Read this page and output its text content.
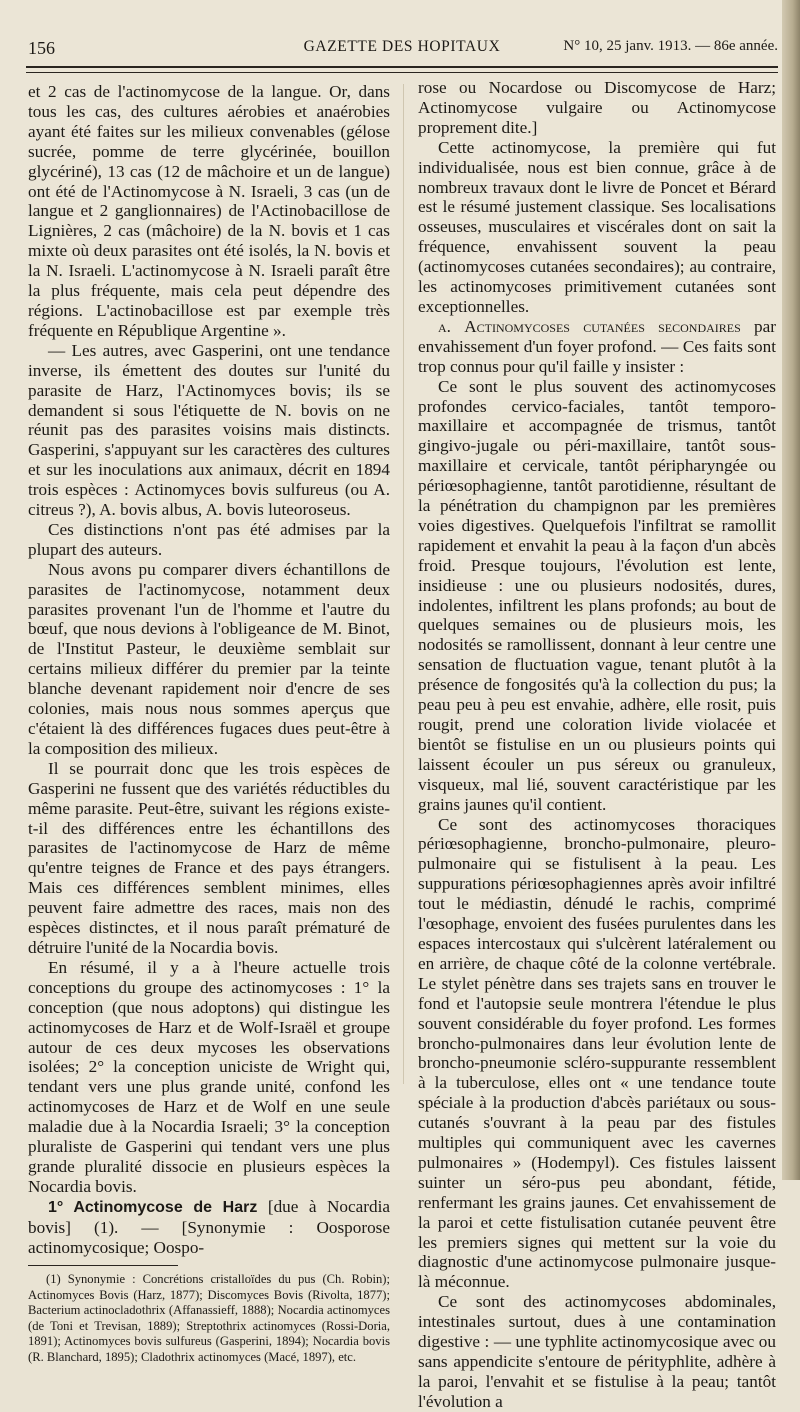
156	GAZETTE DES HOPITAUX	N° 10, 25 janv. 1913. — 86e année.

et 2 cas de l'actinomycose de la langue. Or, dans tous les cas, des cultures aérobies et anaérobies ayant été faites sur les milieux convenables (gélose sucrée, pomme de terre glycérinée, bouillon glycériné), 13 cas (12 de mâchoire et un de langue) ont été de l'Actinomycose à N. Israeli, 3 cas (un de langue et 2 ganglionnaires) de l'Actinobacillose de Lignières, 2 cas (mâchoire) de la N. bovis et 1 cas mixte où deux parasites ont été isolés, la N. bovis et la N. Israeli. L'actinomycose à N. Israeli paraît être la plus fréquente, mais cela peut dépendre des régions. L'actinobacillose est par exemple très fréquente en République Argentine ».

— Les autres, avec Gasperini, ont une tendance inverse, ils émettent des doutes sur l'unité du parasite de Harz, l'Actinomyces bovis; ils se demandent si sous l'étiquette de N. bovis on ne réunit pas des parasites voisins mais distincts. Gasperini, s'appuyant sur les caractères des cultures et sur les inoculations aux animaux, décrit en 1894 trois espèces : Actinomyces bovis sulfureus (ou A. citreus ?), A. bovis albus, A. bovis luteoroseus.

Ces distinctions n'ont pas été admises par la plupart des auteurs.

Nous avons pu comparer divers échantillons de parasites de l'actinomycose, notamment deux parasites provenant l'un de l'homme et l'autre du bœuf, que nous devions à l'obligeance de M. Binot, de l'Institut Pasteur, le deuxième semblait sur certains milieux différer du premier par la teinte blanche devenant rapidement noir d'encre de ses colonies, mais nous nous sommes aperçus que c'étaient là des différences fugaces dues peut-être à la composition des milieux.

Il se pourrait donc que les trois espèces de Gasperini ne fussent que des variétés réductibles du même parasite. Peut-être, suivant les régions existe-t-il des différences entre les échantillons des parasites de l'actinomycose de Harz de même qu'entre teignes de France et des pays étrangers. Mais ces différences semblent minimes, elles peuvent faire admettre des races, mais non des espèces distinctes, et il nous paraît prématuré de détruire l'unité de la Nocardia bovis.

En résumé, il y a à l'heure actuelle trois conceptions du groupe des actinomycoses : 1° la conception (que nous adoptons) qui distingue les actinomycoses de Harz et de Wolf-Israël et groupe autour de ces deux mycoses les observations isolées; 2° la conception uniciste de Wright qui, tendant vers une plus grande unité, confond les actinomycoses de Harz et de Wolf en une seule maladie due à la Nocardia Israeli; 3° la conception pluraliste de Gasperini qui tendant vers une plus grande pluralité dissocie en plusieurs espèces la Nocardia bovis.

1° Actinomycose de Harz [due à Nocardia bovis] (1). — [Synonymie : Oosporose actinomycosique; Oospo-

(1) Synonymie : Concrétions cristalloïdes du pus (Ch. Robin); Actinomyces Bovis (Harz, 1877); Discomyces Bovis (Rivolta, 1877); Bacterium actinocladothrix (Affanassieff, 1888); Nocardia actinomyces (de Toni et Trevisan, 1889); Streptothrix actinomyces (Rossi-Doria, 1891); Actinomyces bovis sulfureus (Gasperini, 1894); Nocardia bovis (R. Blanchard, 1895); Cladothrix actinomyces (Macé, 1897), etc.

rose ou Nocardose ou Discomycose de Harz; Actinomycose vulgaire ou Actinomycose proprement dite.]

Cette actinomycose, la première qui fut individualisée, nous est bien connue, grâce à de nombreux travaux dont le livre de Poncet et Bérard est le résumé justement classique. Ses localisations osseuses, musculaires et viscérales dont on sait la fréquence, envahissent souvent la peau (actinomycoses cutanées secondaires); au contraire, les actinomycoses primitivement cutanées sont exceptionnelles.

α. Actinomycoses cutanées secondaires par envahissement d'un foyer profond. — Ces faits sont trop connus pour qu'il faille y insister :

Ce sont le plus souvent des actinomycoses profondes cervico-faciales, tantôt temporo-maxillaire et accompagnée de trismus, tantôt gingivo-jugale ou péri-maxillaire, tantôt sous-maxillaire et cervicale, tantôt péripharyngée ou périœsophagienne, tantôt parotidienne, résultant de la pénétration du champignon par les premières voies digestives. Quelquefois l'infiltrat se ramollit rapidement et envahit la peau à la façon d'un abcès froid. Presque toujours, l'évolution est lente, insidieuse : une ou plusieurs nodosités, dures, indolentes, infiltrent les plans profonds; au bout de quelques semaines ou de plusieurs mois, les nodosités se ramollissent, donnant à leur centre une sensation de fluctuation vague, tenant plutôt à la présence de fongosités qu'à la collection du pus; la peau peu à peu est envahie, adhère, elle rosit, puis rougit, prend une coloration livide violacée et bientôt se fistulise en un ou plusieurs points qui laissent écouler un pus séreux ou granuleux, visqueux, mal lié, souvent caractéristique par les grains jaunes qu'il contient.

Ce sont des actinomycoses thoraciques périœsophagienne, broncho-pulmonaire, pleuro-pulmonaire qui se fistulisent à la peau. Les suppurations périœsophagiennes après avoir infiltré tout le médiastin, dénudé le rachis, comprimé l'œsophage, envoient des fusées purulentes dans les espaces intercostaux qui s'ulcèrent latéralement ou en arrière, de chaque côté de la colonne vertébrale. Le stylet pénètre dans ses trajets sans en trouver le fond et l'autopsie seule montrera l'étendue le plus souvent considérable du foyer profond. Les formes broncho-pulmonaires dans leur évolution lente de broncho-pneumonie scléro-suppurante ressemblent à la tuberculose, elles ont « une tendance toute spéciale à la production d'abcès pariétaux ou sous-cutanés s'ouvrant à la peau par des fistules multiples qui communiquent avec les cavernes pulmonaires » (Hodempyl). Ces fistules laissent suinter un séro-pus peu abondant, fétide, renfermant les grains jaunes. Cet envahissement de la paroi et cette fistulisation cutanée peuvent être les premiers signes qui mettent sur la voie du diagnostic d'une actinomycose pulmonaire jusque-là méconnue.

Ce sont des actinomycoses abdominales, intestinales surtout, dues à une contamination digestive : — une typhlite actinomycosique avec ou sans appendicite s'entoure de pérityphlite, adhère à la paroi, l'envahit et se fistulise à la peau; tantôt l'évolution a
